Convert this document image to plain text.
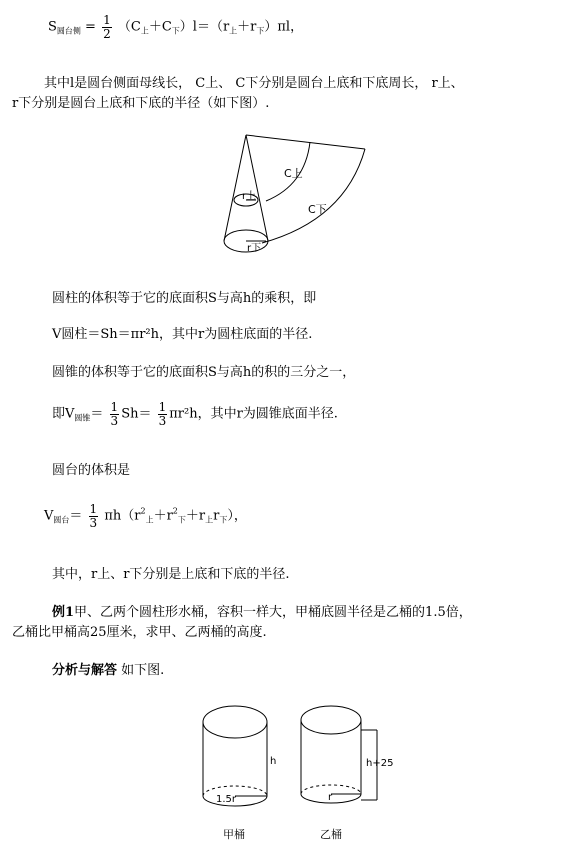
$S_{圆台侧} = \frac{1}{2} (C_上+C_下)l=(r_上+r_下)\pi l$，
其中l是圆台侧面母线长， C上、 C下分别是圆台上底和下底周长， r上、
r下分别是圆台上底和下底的半径（如下图）.
C上
C下
r上
r下
圆柱的体积等于它的底面积S与高h的乘积，即
V圆柱＝Sh＝πr²h，其中r为圆柱底面的半径.
圆锥的体积等于它的底面积S与高h的积的三分之一，
即$V_{圆锥}= \frac{1}{3} Sh= \frac{1}{3} \pi r^2h$，其中r为圆锥底面半径.
圆台的体积是
$V_{圆台}= \frac{1}{3} \pi h(r^2_上+r^2_下+r_上r_下)$，
其中，r上、r下分别是上底和下底的半径.
例1甲、乙两个圆柱形水桶，容积一样大，甲桶底圆半径是乙桶的1.5倍，
乙桶比甲桶高25厘米，求甲、乙两桶的高度.
分析与解答 如下图.
1.5r
h
甲桶
r
h+25
乙桶
